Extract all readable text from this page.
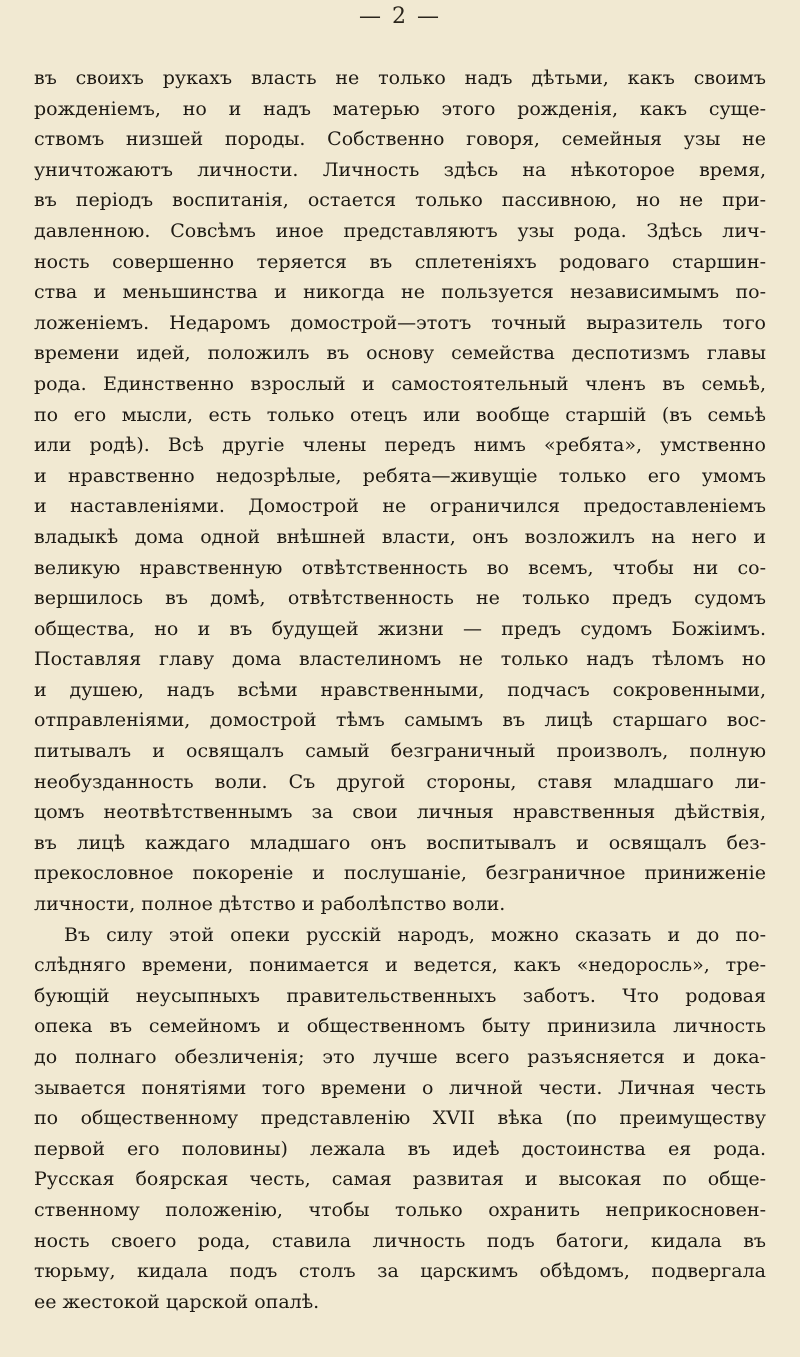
— 2 —
въ своихъ рукахъ власть не только надъ дѣтьми, какъ своимъ
рожденіемъ, но и надъ матерью этого рожденія, какъ суще-
ствомъ низшей породы. Собственно говоря, семейныя узы не
уничтожаютъ личности. Личность здѣсь на нѣкоторое время,
въ періодъ воспитанія, остается только пассивною, но не при-
давленною. Совсѣмъ иное представляютъ узы рода. Здѣсь лич-
ность совершенно теряется въ сплетеніяхъ родоваго старшин-
ства и меньшинства и никогда не пользуется независимымъ по-
ложеніемъ. Недаромъ домострой—этотъ точный выразитель того
времени идей, положилъ въ основу семейства деспотизмъ главы
рода. Единственно взрослый и самостоятельный членъ въ семьѣ,
по его мысли, есть только отецъ или вообще старшій (въ семьѣ
или родѣ). Всѣ другіе члены передъ нимъ «ребята», умственно
и нравственно недозрѣлые, ребята—живущіе только его умомъ
и наставленіями. Домострой не ограничился предоставленіемъ
владыкѣ дома одной внѣшней власти, онъ возложилъ на него и
великую нравственную отвѣтственность во всемъ, чтобы ни со-
вершилось въ домѣ, отвѣтственность не только предъ судомъ
общества, но и въ будущей жизни — предъ судомъ Божіимъ.
Поставляя главу дома властелиномъ не только надъ тѣломъ но
и душею, надъ всѣми нравственными, подчасъ сокровенными,
отправленіями, домострой тѣмъ самымъ въ лицѣ старшаго вос-
питывалъ и освящалъ самый безграничный произволъ, полную
необузданность воли. Съ другой стороны, ставя младшаго ли-
цомъ неотвѣтственнымъ за свои личныя нравственныя дѣйствія,
въ лицѣ каждаго младшаго онъ воспитывалъ и освящалъ без-
прекословное покореніе и послушаніе, безграничное приниженіе
личности, полное дѣтство и раболѣпство воли.
Въ силу этой опеки русскій народъ, можно сказать и до по-
слѣдняго времени, понимается и ведется, какъ «недоросль», тре-
бующій неусыпныхъ правительственныхъ заботъ. Что родовая
опека въ семейномъ и общественномъ быту принизила личность
до полнаго обезличенія; это лучше всего разъясняется и дока-
зывается понятіями того времени о личной чести. Личная честь
по общественному представленію XVII вѣка (по преимуществу
первой его половины) лежала въ идеѣ достоинства ея рода.
Русская боярская честь, самая развитая и высокая по обще-
ственному положенію, чтобы только охранить неприкосновен-
ность своего рода, ставила личность подъ батоги, кидала въ
тюрьму, кидала подъ столъ за царскимъ обѣдомъ, подвергала
ее жестокой царской опалѣ.
